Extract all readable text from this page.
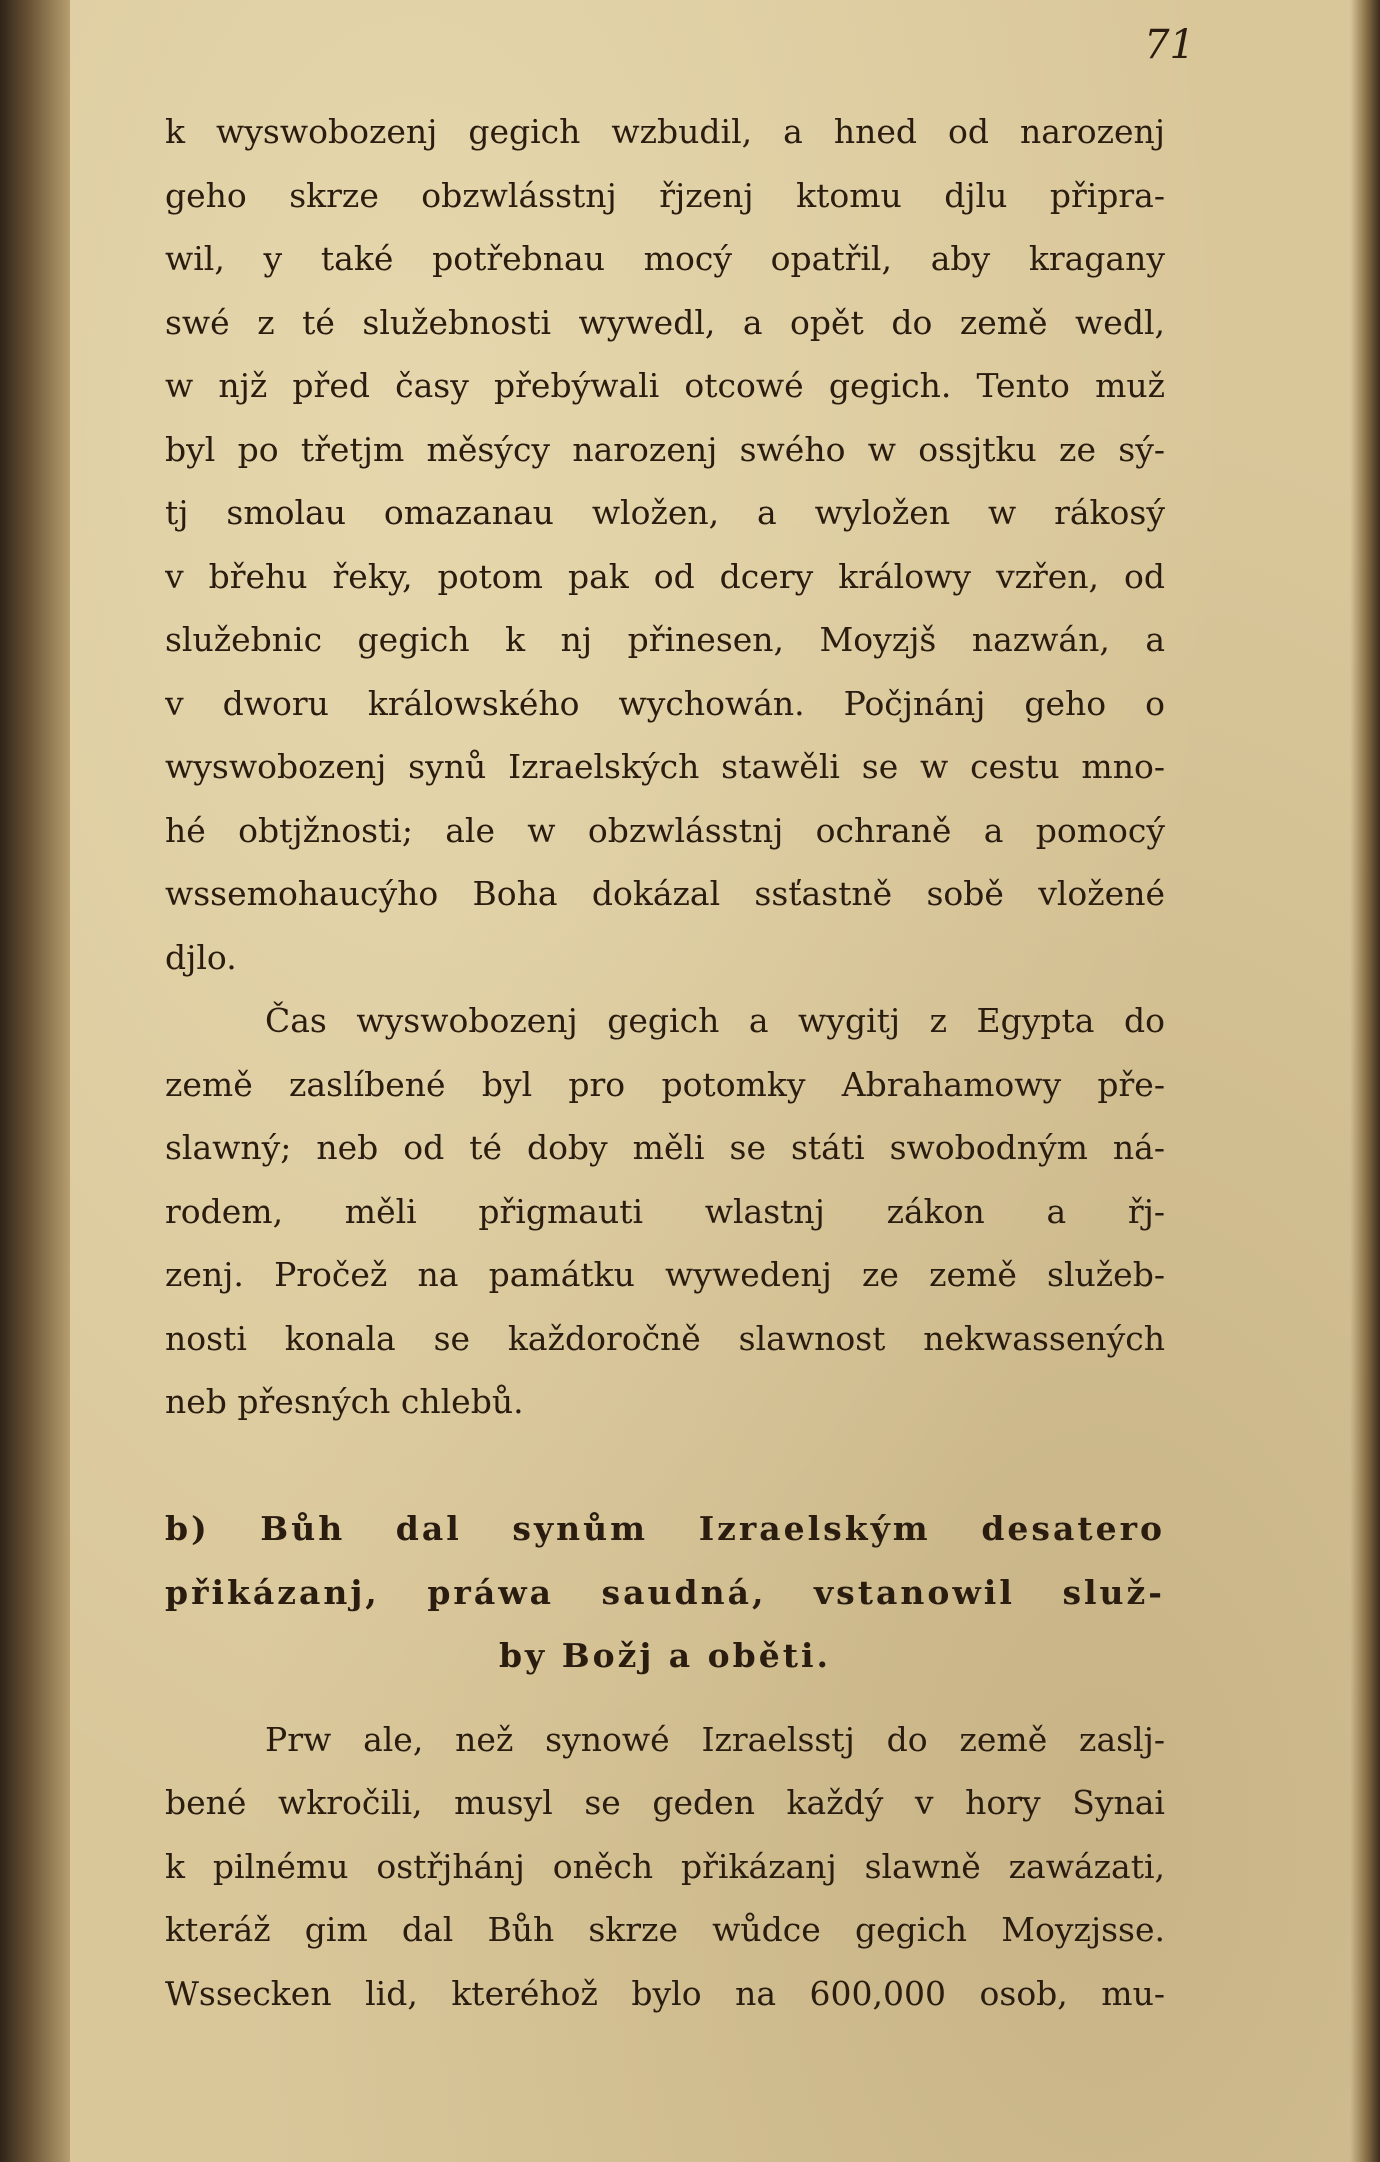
71
k wyswobozenj gegich wzbudil, a hned od narozenj
geho skrze obzwlásstnj řjzenj ktomu djlu připra-
wil, y také potřebnau mocý opatřil, aby kragany
swé z té služebnosti wywedl, a opět do země wedl,
w njž před časy přebýwali otcowé gegich. Tento muž
byl po třetjm měsýcy narozenj swého w ossjtku ze sý-
tj smolau omazanau wložen, a wyložen w rákosý
v břehu řeky, potom pak od dcery králowy vzřen, od
služebnic gegich k nj přinesen, Moyzjš nazwán, a
v dworu králowského wychowán. Počjnánj geho o
wyswobozenj synů Izraelských stawěli se w cestu mno-
hé obtjžnosti; ale w obzwlásstnj ochraně a pomocý
wssemohaucýho Boha dokázal ssťastně sobě vložené
djlo.
Čas wyswobozenj gegich a wygitj z Egypta do
země zaslíbené byl pro potomky Abrahamowy pře-
slawný; neb od té doby měli se státi swobodným ná-
rodem, měli přigmauti wlastnj zákon a řj-
zenj. Pročež na památku wywedenj ze země služeb-
nosti konala se každoročně slawnost nekwassených
neb přesných chlebů.
b) Bůh dal synům Izraelským desatero
přikázanj, práwa saudná, vstanowil služ-
by Božj a oběti.
Prw ale, než synowé Izraelsstj do země zaslj-
bené wkročili, musyl se geden každý v hory Synai
k pilnému ostřjhánj oněch přikázanj slawně zawázati,
kteráž gim dal Bůh skrze wůdce gegich Moyzjsse.
Wssecken lid, kteréhož bylo na 600,000 osob, mu-
